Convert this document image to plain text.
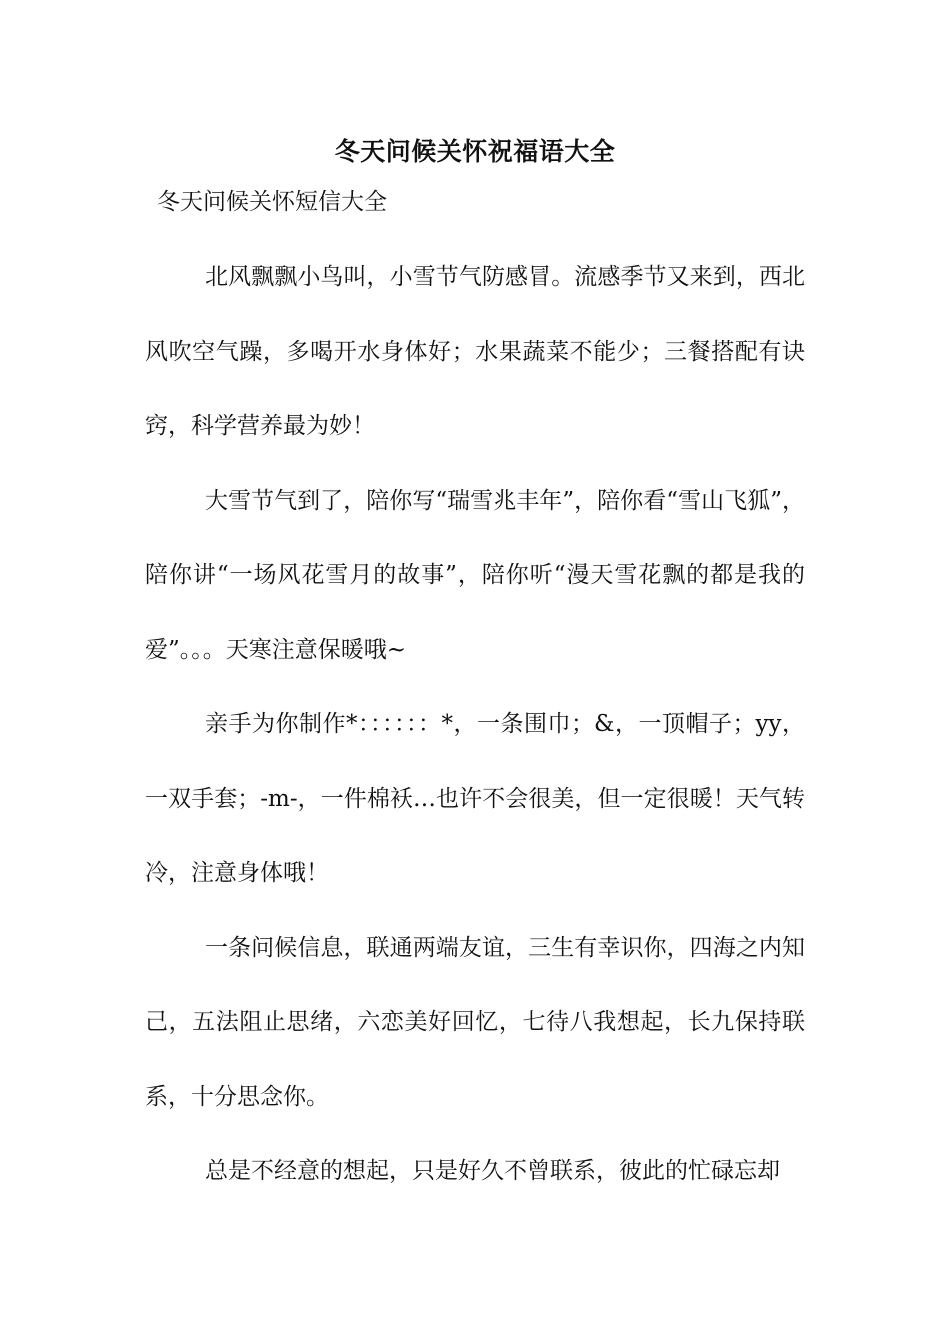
冬天问候关怀祝福语大全
冬天问候关怀短信大全

北风飘飘小鸟叫，小雪节气防感冒。流感季节又来到，西北风吹空气躁，多喝开水身体好；水果蔬菜不能少；三餐搭配有诀窍，科学营养最为妙！

大雪节气到了，陪你写“瑞雪兆丰年”，陪你看“雪山飞狐”，陪你讲“一场风花雪月的故事”，陪你听“漫天雪花飘的都是我的爱”。。。天寒注意保暖哦~

亲手为你制作*：：：：：：*，一条围巾；&，一顶帽子；yy，一双手套；-m-，一件棉袄…也许不会很美，但一定很暖！天气转冷，注意身体哦！

一条问候信息，联通两端友谊，三生有幸识你，四海之内知己，五法阻止思绪，六恋美好回忆，七待八我想起，长九保持联系，十分思念你。

总是不经意的想起，只是好久不曾联系，彼此的忙碌忘却
